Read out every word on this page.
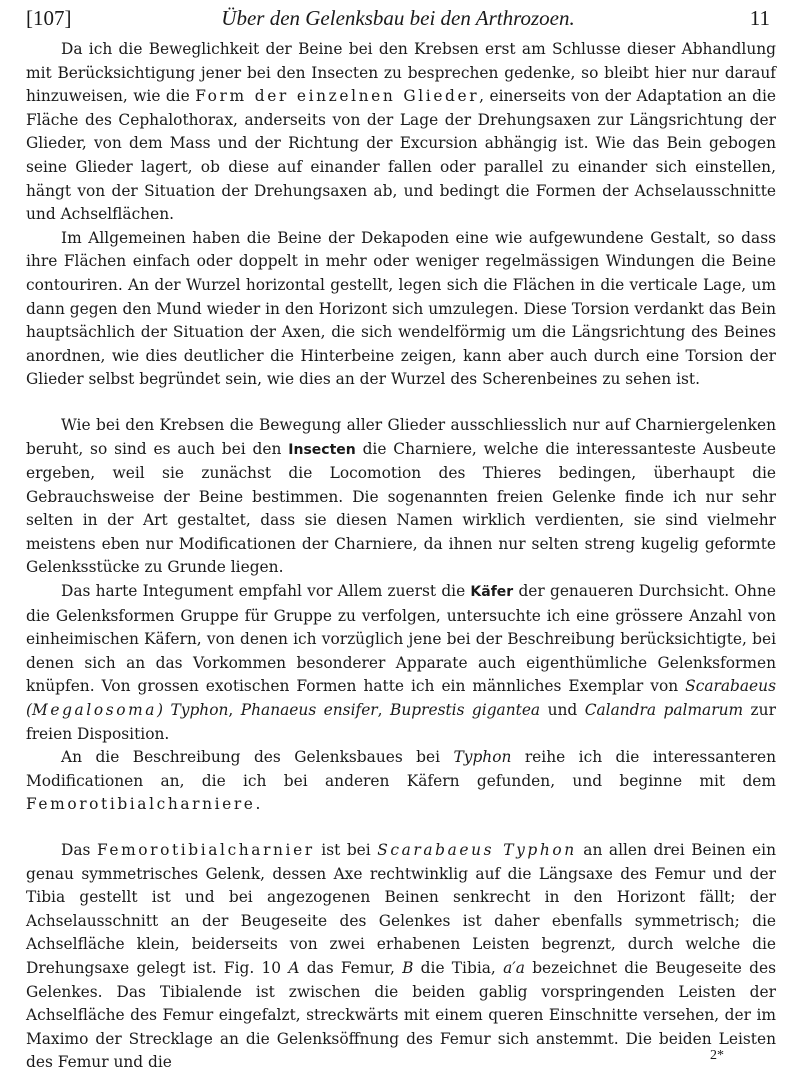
[107]	Über den Gelenksbau bei den Arthrozoen.	11

Da ich die Beweglichkeit der Beine bei den Krebsen erst am Schlusse dieser Abhandlung mit Berücksichtigung jener bei den Insecten zu besprechen gedenke, so bleibt hier nur darauf hinzuweisen, wie die Form der einzelnen Glieder, einerseits von der Adaptation an die Fläche des Cephalothorax, anderseits von der Lage der Drehungsaxen zur Längsrichtung der Glieder, von dem Mass und der Richtung der Excursion abhängig ist. Wie das Bein gebogen seine Glieder lagert, ob diese auf einander fallen oder parallel zu einander sich einstellen, hängt von der Situation der Drehungsaxen ab, und bedingt die Formen der Achselausschnitte und Achselflächen.

Im Allgemeinen haben die Beine der Dekapoden eine wie aufgewundene Gestalt, so dass ihre Flächen einfach oder doppelt in mehr oder weniger regelmässigen Windungen die Beine contouriren. An der Wurzel horizontal gestellt, legen sich die Flächen in die verticale Lage, um dann gegen den Mund wieder in den Horizont sich umzulegen. Diese Torsion verdankt das Bein hauptsächlich der Situation der Axen, die sich wendelförmig um die Längsrichtung des Beines anordnen, wie dies deutlicher die Hinterbeine zeigen, kann aber auch durch eine Torsion der Glieder selbst begründet sein, wie dies an der Wurzel des Scherenbeines zu sehen ist.

Wie bei den Krebsen die Bewegung aller Glieder ausschliesslich nur auf Charniergelenken beruht, so sind es auch bei den Insecten die Charniere, welche die interessanteste Ausbeute ergeben, weil sie zunächst die Locomotion des Thieres bedingen, überhaupt die Gebrauchsweise der Beine bestimmen. Die sogenannten freien Gelenke finde ich nur sehr selten in der Art gestaltet, dass sie diesen Namen wirklich verdienten, sie sind vielmehr meistens eben nur Modificationen der Charniere, da ihnen nur selten streng kugelig geformte Gelenksstücke zu Grunde liegen.

Das harte Integument empfahl vor Allem zuerst die Käfer der genaueren Durchsicht. Ohne die Gelenksformen Gruppe für Gruppe zu verfolgen, untersuchte ich eine grössere Anzahl von einheimischen Käfern, von denen ich vorzüglich jene bei der Beschreibung berücksichtigte, bei denen sich an das Vorkommen besonderer Apparate auch eigenthümliche Gelenksformen knüpfen. Von grossen exotischen Formen hatte ich ein männliches Exemplar von Scarabaeus (Megalosoma) Typhon, Phanaeus ensifer, Buprestis gigantea und Calandra palmarum zur freien Disposition.

An die Beschreibung des Gelenksbaues bei Typhon reihe ich die interessanteren Modificationen an, die ich bei anderen Käfern gefunden, und beginne mit dem Femorotibialcharniere.

Das Femorotibialcharnier ist bei Scarabaeus Typhon an allen drei Beinen ein genau symmetrisches Gelenk, dessen Axe rechtwinklig auf die Längsaxe des Femur und der Tibia gestellt ist und bei angezogenen Beinen senkrecht in den Horizont fällt; der Achselausschnitt an der Beugeseite des Gelenkes ist daher ebenfalls symmetrisch; die Achselfläche klein, beiderseits von zwei erhabenen Leisten begrenzt, durch welche die Drehungsaxe gelegt ist. Fig. 10 A das Femur, B die Tibia, a′a bezeichnet die Beugeseite des Gelenkes. Das Tibialende ist zwischen die beiden gablig vorspringenden Leisten der Achselfläche des Femur eingefalzt, streckwärts mit einem queren Einschnitte versehen, der im Maximo der Strecklage an die Gelenksöffnung des Femur sich anstemmt. Die beiden Leisten des Femur und die	2*
